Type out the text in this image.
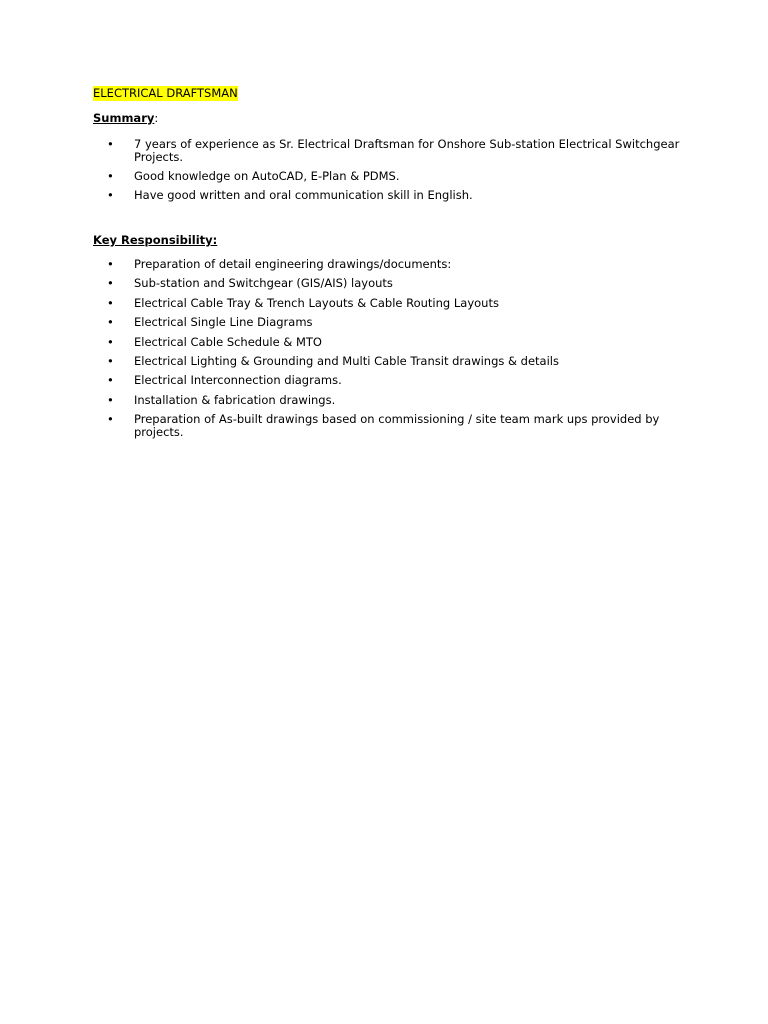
ELECTRICAL DRAFTSMAN
Summary:
• 7 years of experience as Sr. Electrical Draftsman for Onshore Sub-station Electrical Switchgear Projects.
• Good knowledge on AutoCAD, E-Plan & PDMS.
• Have good written and oral communication skill in English.
Key Responsibility:
• Preparation of detail engineering drawings/documents:
• Sub-station and Switchgear (GIS/AIS) layouts
• Electrical Cable Tray & Trench Layouts & Cable Routing Layouts
• Electrical Single Line Diagrams
• Electrical Cable Schedule & MTO
• Electrical Lighting & Grounding and Multi Cable Transit drawings & details
• Electrical Interconnection diagrams.
• Installation & fabrication drawings.
• Preparation of As-built drawings based on commissioning / site team mark ups provided by projects.
